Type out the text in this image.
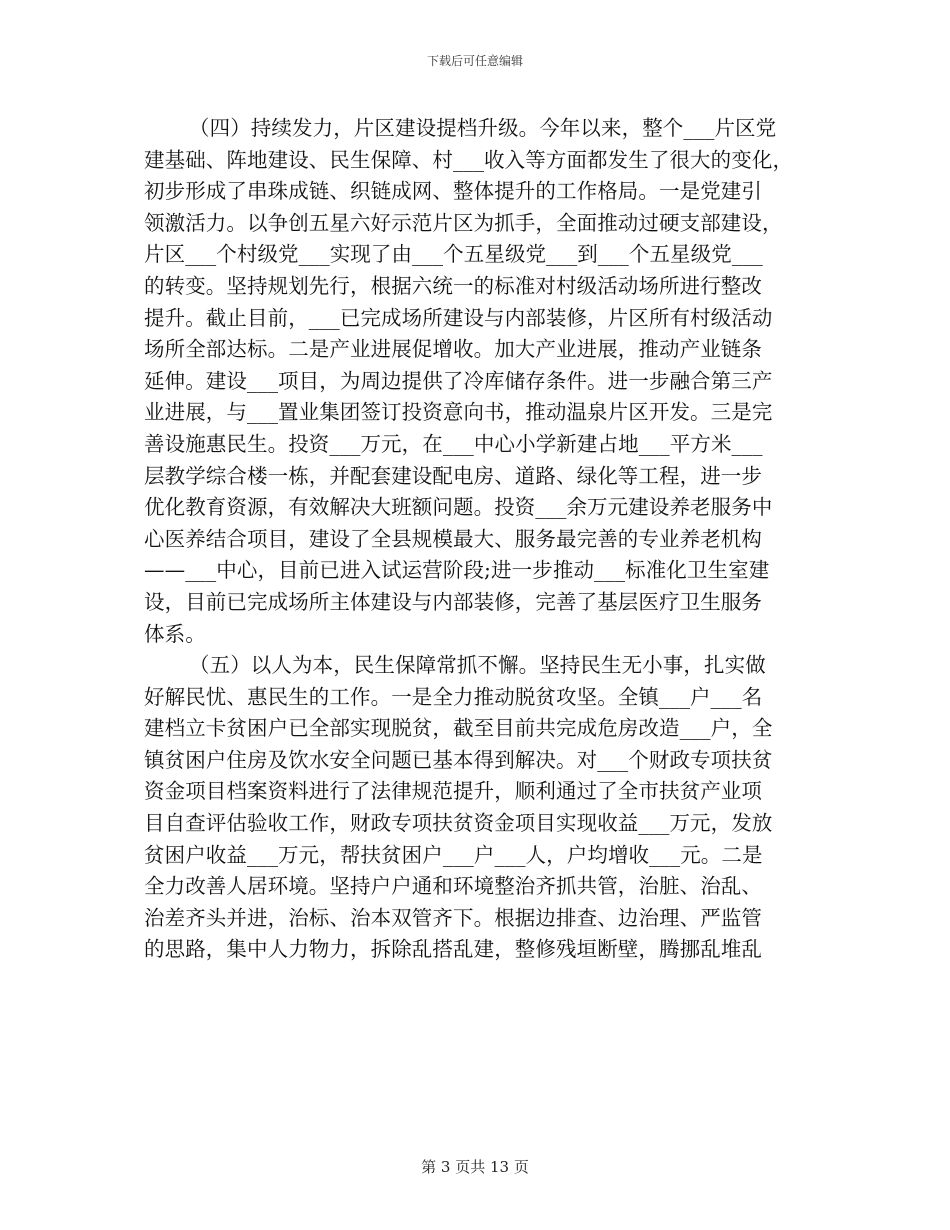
下载后可任意编辑
（四）持续发力，片区建设提档升级。今年以来，整个___片区党
建基础、阵地建设、民生保障、村___收入等方面都发生了很大的变化，
初步形成了串珠成链、织链成网、整体提升的工作格局。一是党建引
领激活力。以争创五星六好示范片区为抓手，全面推动过硬支部建设，
片区___个村级党___实现了由___个五星级党___到___个五星级党___
的转变。坚持规划先行，根据六统一的标准对村级活动场所进行整改
提升。截止目前，___已完成场所建设与内部装修，片区所有村级活动
场所全部达标。二是产业进展促增收。加大产业进展，推动产业链条
延伸。建设___项目，为周边提供了冷库储存条件。进一步融合第三产
业进展，与___置业集团签订投资意向书，推动温泉片区开发。三是完
善设施惠民生。投资___万元，在___中心小学新建占地___平方米___
层教学综合楼一栋，并配套建设配电房、道路、绿化等工程，进一步
优化教育资源，有效解决大班额问题。投资___余万元建设养老服务中
心医养结合项目，建设了全县规模最大、服务最完善的专业养老机构
——___中心，目前已进入试运营阶段;进一步推动___标准化卫生室建
设，目前已完成场所主体建设与内部装修，完善了基层医疗卫生服务
体系。
（五）以人为本，民生保障常抓不懈。坚持民生无小事，扎实做
好解民忧、惠民生的工作。一是全力推动脱贫攻坚。全镇___户___名
建档立卡贫困户已全部实现脱贫，截至目前共完成危房改造___户，全
镇贫困户住房及饮水安全问题已基本得到解决。对___个财政专项扶贫
资金项目档案资料进行了法律规范提升，顺利通过了全市扶贫产业项
目自查评估验收工作，财政专项扶贫资金项目实现收益___万元，发放
贫困户收益___万元，帮扶贫困户___户___人，户均增收___元。二是
全力改善人居环境。坚持户户通和环境整治齐抓共管，治脏、治乱、
治差齐头并进，治标、治本双管齐下。根据边排查、边治理、严监管
的思路，集中人力物力，拆除乱搭乱建，整修残垣断壁，腾挪乱堆乱
第 3 页共 13 页
